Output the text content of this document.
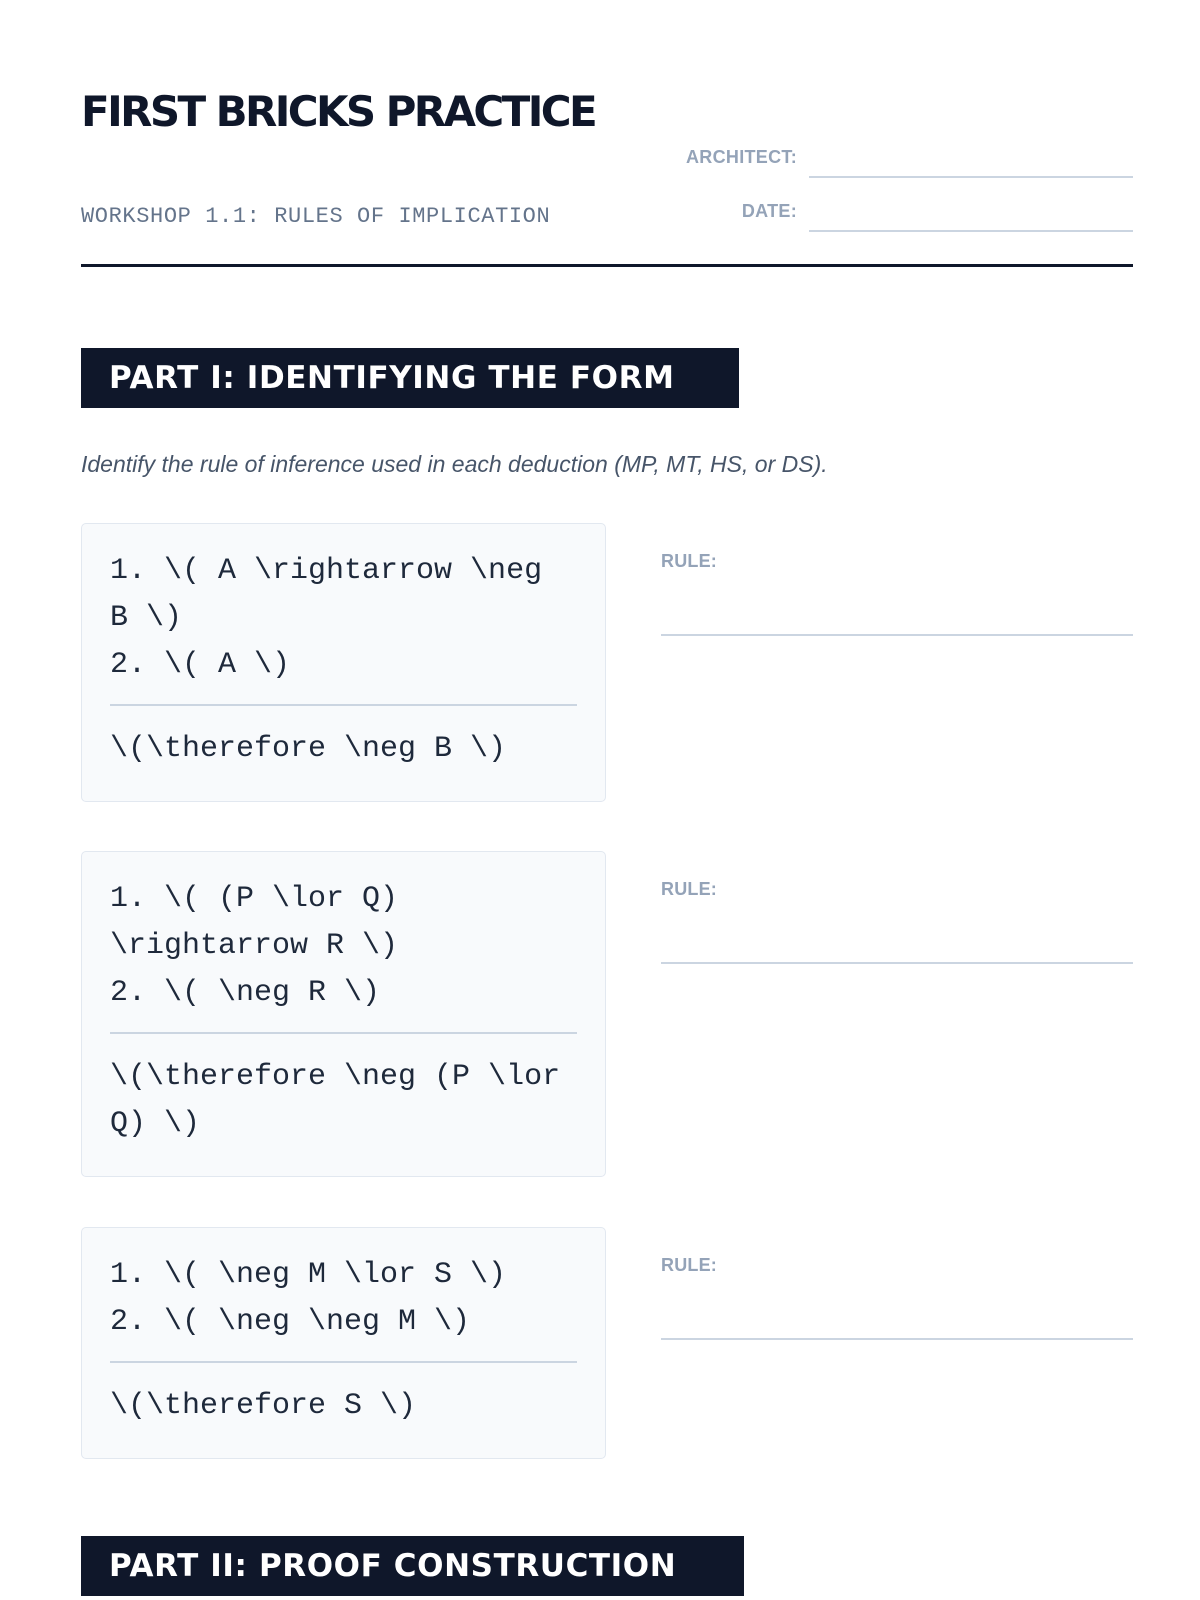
FIRST BRICKS PRACTICE
WORKSHOP 1.1: RULES OF IMPLICATION
ARCHITECT:
DATE:
PART I: IDENTIFYING THE FORM
Identify the rule of inference used in each deduction (MP, MT, HS, or DS).
1. \( A \rightarrow \neg B \)
2. \( A \)
\(\therefore \neg B \)
RULE:
1. \( (P \lor Q) \rightarrow R \)
2. \( \neg R \)
\(\therefore \neg (P \lor Q) \)
RULE:
1. \( \neg M \lor S \)
2. \( \neg \neg M \)
\(\therefore S \)
RULE:
PART II: PROOF CONSTRUCTION
